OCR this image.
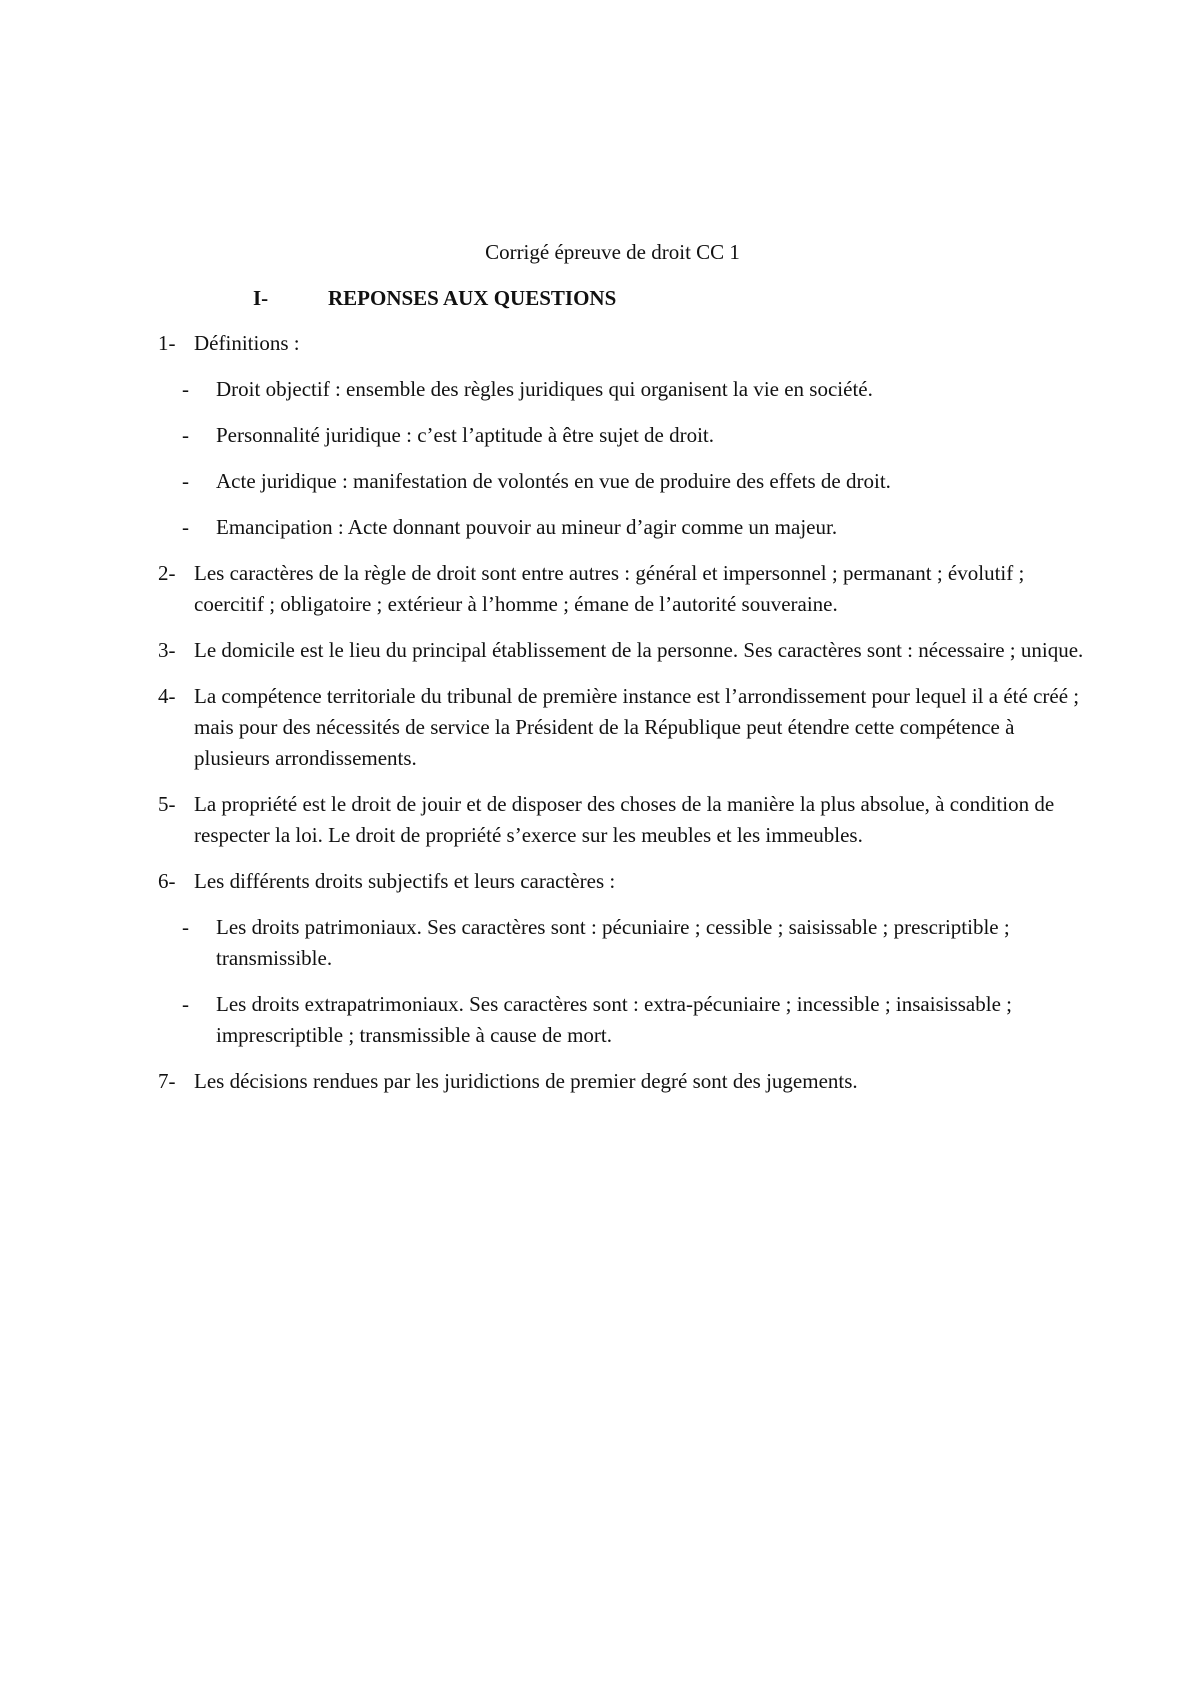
Corrigé épreuve de droit CC 1
I-	REPONSES AUX QUESTIONS
1- Définitions :
- Droit objectif : ensemble des règles juridiques qui organisent la vie en société.
- Personnalité juridique : c’est l’aptitude à être sujet de droit.
- Acte juridique : manifestation de volontés en vue de produire des effets de droit.
- Emancipation : Acte donnant pouvoir au mineur d’agir comme un majeur.
2- Les caractères de la règle de droit sont entre autres : général et impersonnel ; permanant ; évolutif ; coercitif ; obligatoire ; extérieur à l’homme ; émane de l’autorité souveraine.
3- Le domicile est le lieu du principal établissement de la personne. Ses caractères sont : nécessaire ; unique.
4- La compétence territoriale du tribunal de première instance est l’arrondissement pour lequel il a été créé ; mais pour des nécessités de service la Président de la République peut étendre cette compétence à plusieurs arrondissements.
5- La propriété est le droit de jouir et de disposer des choses de la manière la plus absolue, à condition de respecter la loi. Le droit de propriété s’exerce sur les meubles et les immeubles.
6- Les différents droits subjectifs et leurs caractères :
- Les droits patrimoniaux. Ses caractères sont : pécuniaire ; cessible ; saisissable ; prescriptible ; transmissible.
- Les droits extrapatrimoniaux. Ses caractères sont : extra-pécuniaire ; incessible ; insaisissable ; imprescriptible ; transmissible à cause de mort.
7- Les décisions rendues par les juridictions de premier degré sont des jugements.
